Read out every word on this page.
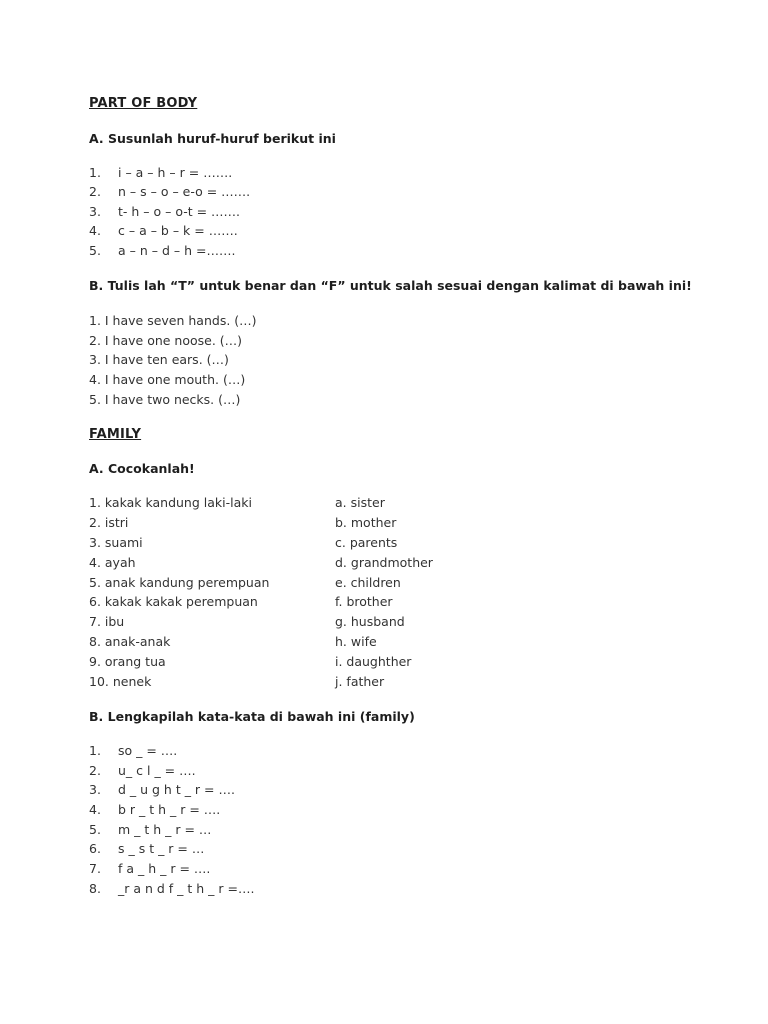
PART OF BODY
A. Susunlah huruf-huruf berikut ini
1. i – a – h – r = …….
2. n – s – o – e-o = …….
3. t- h – o – o-t = …….
4. c – a – b – k = …….
5. a – n – d – h =…….
B. Tulis lah “T” untuk benar dan “F” untuk salah sesuai dengan kalimat di bawah ini!
1. I have seven hands. (…)
2. I have one noose. (…)
3. I have ten ears. (…)
4. I have one mouth. (…)
5. I have two necks. (…)
FAMILY
A. Cocokanlah!
1. kakak kandung laki-laki
2. istri
3. suami
4. ayah
5. anak kandung perempuan
6. kakak kakak perempuan
7. ibu
8. anak-anak
9. orang tua
10. nenek
a. sister
b. mother
c. parents
d. grandmother
e. children
f. brother
g. husband
h. wife
i. daughther
j. father
B. Lengkapilah kata-kata di bawah ini (family)
1. so _ = ….
2. u_ c l _ = ….
3. d _ u g h t _ r = ….
4. b r _ t h _ r = ….
5. m _ t h _ r = …
6. s _ s t _ r = …
7. f a _ h _ r = ….
8. _r a n d f _ t h _ r =….
